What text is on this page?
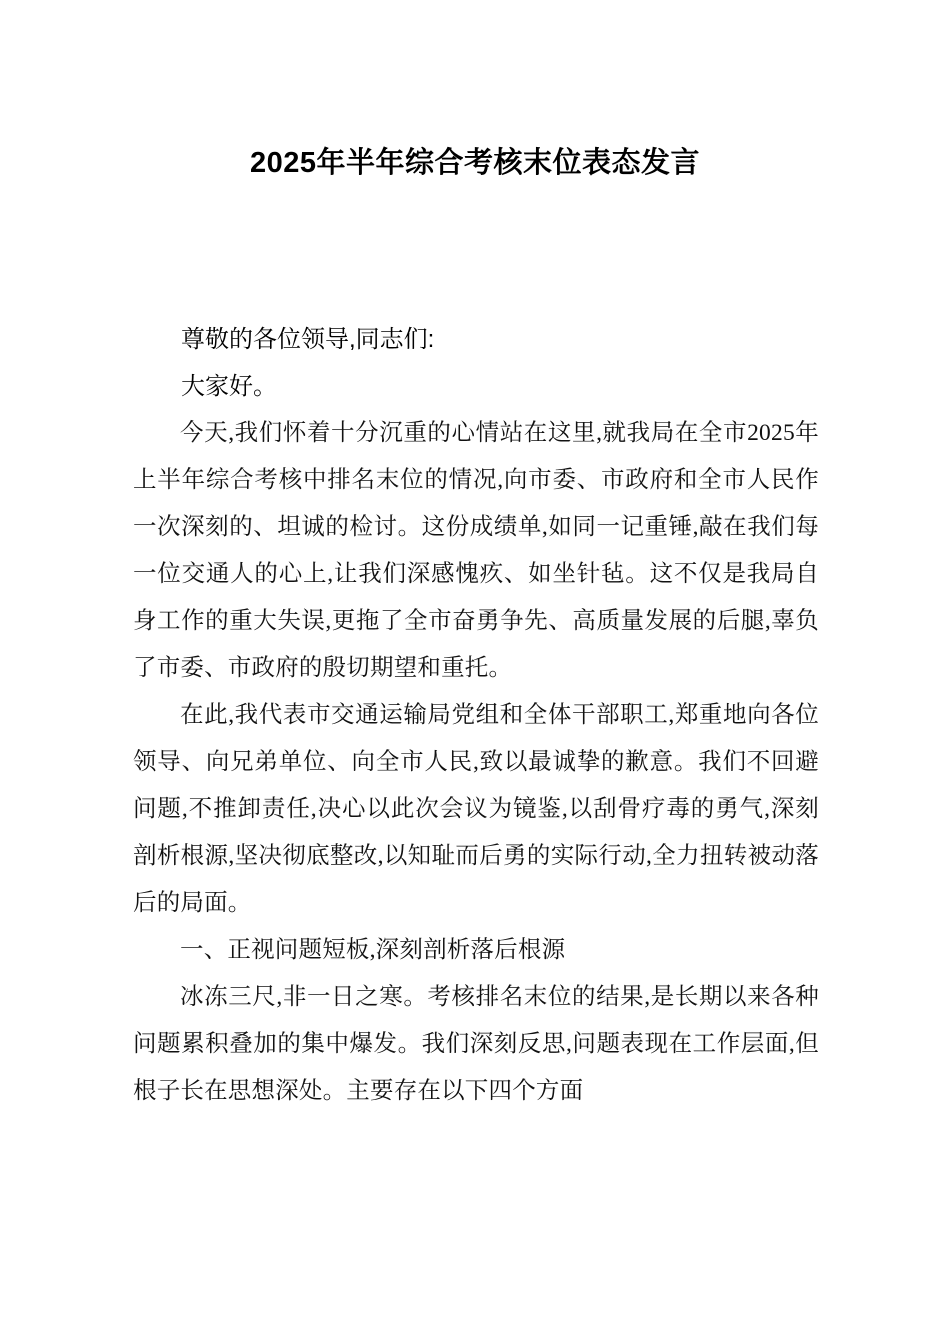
2025年半年综合考核末位表态发言
尊敬的各位领导,同志们:
大家好。

今天,我们怀着十分沉重的心情站在这里,就我局在全市2025年上半年综合考核中排名末位的情况,向市委、市政府和全市人民作一次深刻的、坦诚的检讨。这份成绩单,如同一记重锤,敲在我们每一位交通人的心上,让我们深感愧疚、如坐针毡。这不仅是我局自身工作的重大失误,更拖了全市奋勇争先、高质量发展的后腿,辜负了市委、市政府的殷切期望和重托。

在此,我代表市交通运输局党组和全体干部职工,郑重地向各位领导、向兄弟单位、向全市人民,致以最诚挚的歉意。我们不回避问题,不推卸责任,决心以此次会议为镜鉴,以刮骨疗毒的勇气,深刻剖析根源,坚决彻底整改,以知耻而后勇的实际行动,全力扭转被动落后的局面。

一、正视问题短板,深刻剖析落后根源

冰冻三尺,非一日之寒。考核排名末位的结果,是长期以来各种问题累积叠加的集中爆发。我们深刻反思,问题表现在工作层面,但根子长在思想深处。主要存在以下四个方面
